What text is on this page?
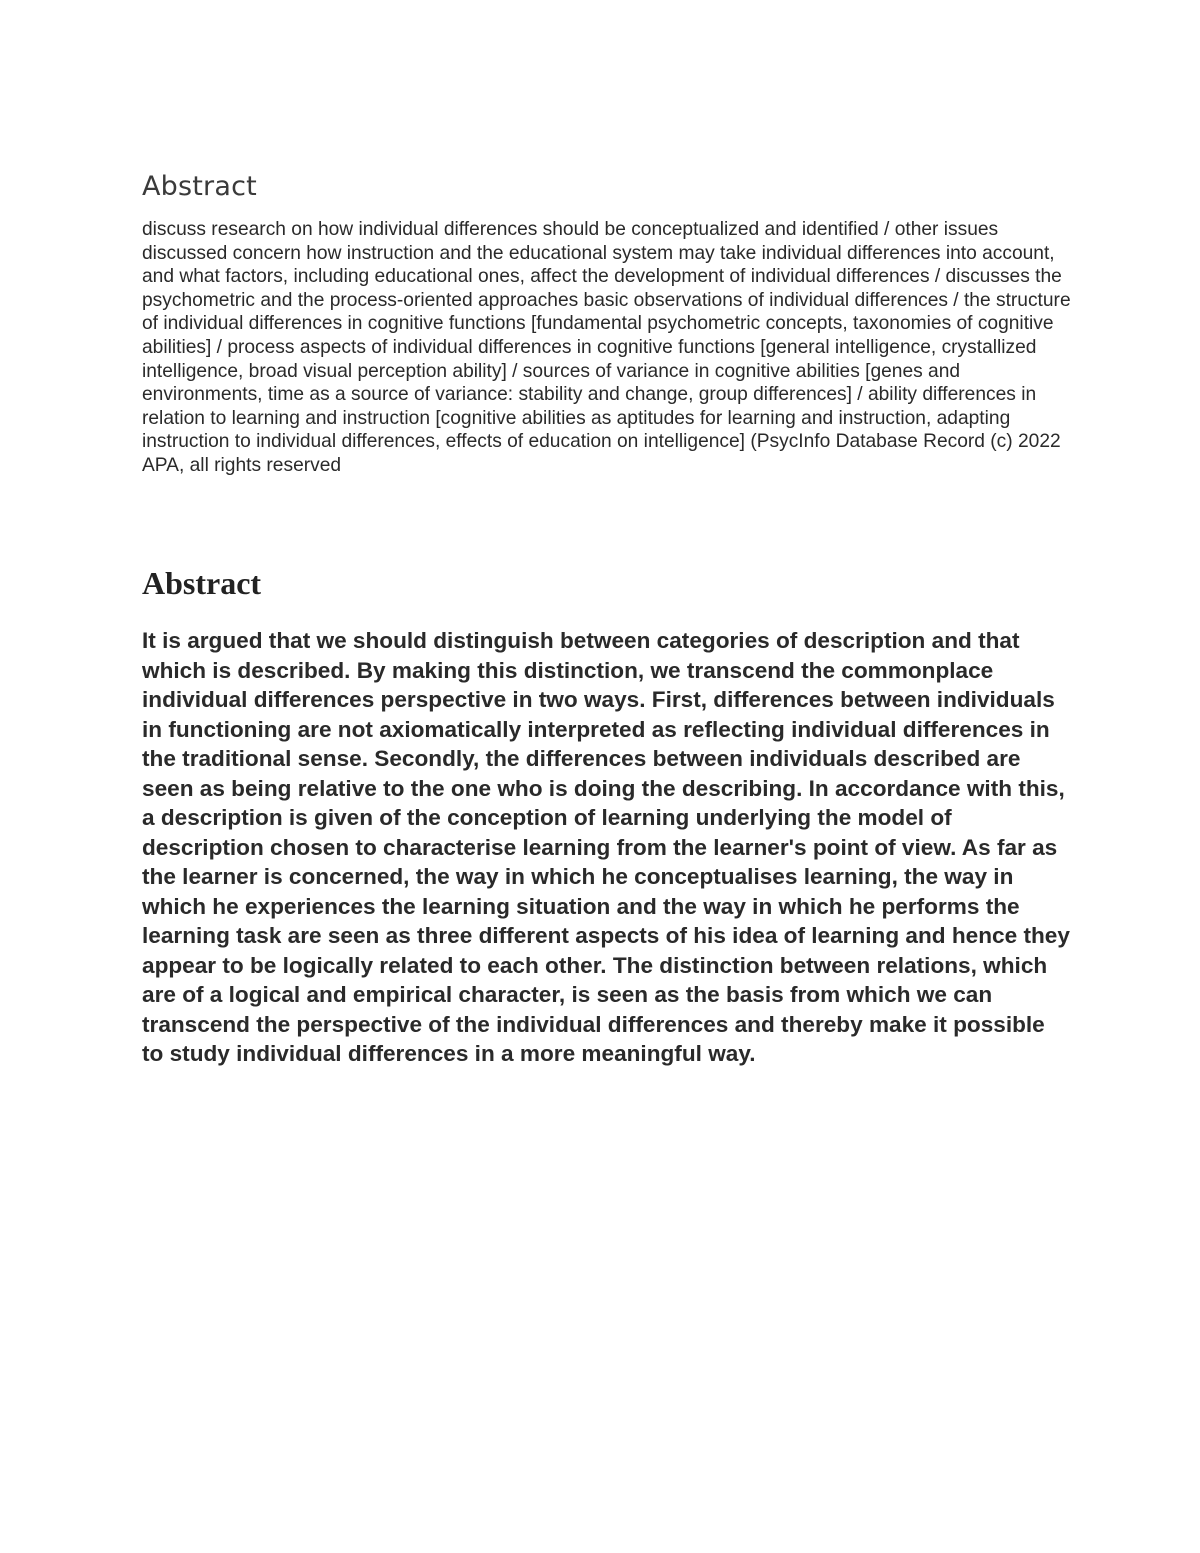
Abstract

discuss research on how individual differences should be conceptualized and identified / other issues discussed concern how instruction and the educational system may take individual differences into account, and what factors, including educational ones, affect the development of individual differences / discusses the psychometric and the process-oriented approaches basic observations of individual differences / the structure of individual differences in cognitive functions [fundamental psychometric concepts, taxonomies of cognitive abilities] / process aspects of individual differences in cognitive functions [general intelligence, crystallized intelligence, broad visual perception ability] / sources of variance in cognitive abilities [genes and environments, time as a source of variance: stability and change, group differences] / ability differences in relation to learning and instruction [cognitive abilities as aptitudes for learning and instruction, adapting instruction to individual differences, effects of education on intelligence] (PsycInfo Database Record (c) 2022 APA, all rights reserved

Abstract

It is argued that we should distinguish between categories of description and that which is described. By making this distinction, we transcend the commonplace individual differences perspective in two ways. First, differences between individuals in functioning are not axiomatically interpreted as reflecting individual differences in the traditional sense. Secondly, the differences between individuals described are seen as being relative to the one who is doing the describing. In accordance with this, a description is given of the conception of learning underlying the model of description chosen to characterise learning from the learner's point of view. As far as the learner is concerned, the way in which he conceptualises learning, the way in which he experiences the learning situation and the way in which he performs the learning task are seen as three different aspects of his idea of learning and hence they appear to be logically related to each other. The distinction between relations, which are of a logical and empirical character, is seen as the basis from which we can transcend the perspective of the individual differences and thereby make it possible to study individual differences in a more meaningful way.
